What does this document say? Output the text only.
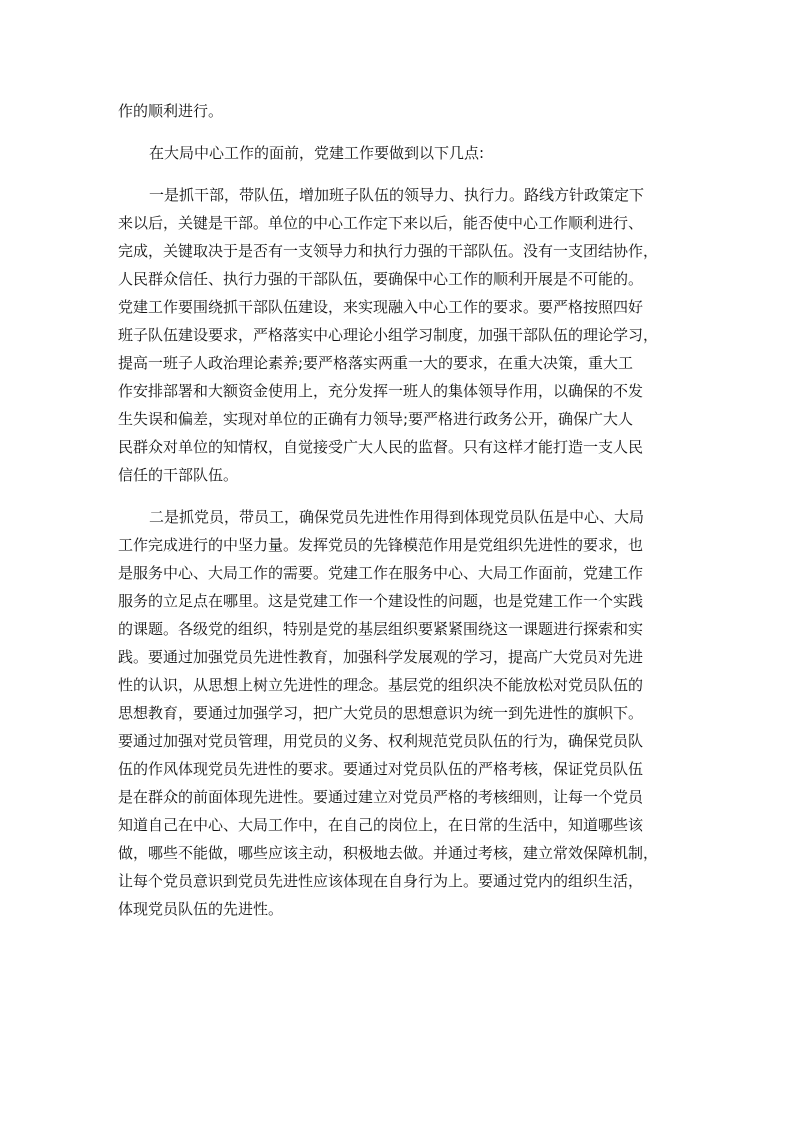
作的顺利进行。
在大局中心工作的面前，党建工作要做到以下几点:
一是抓干部，带队伍，增加班子队伍的领导力、执行力。路线方针政策定下
来以后，关键是干部。单位的中心工作定下来以后，能否使中心工作顺利进行、
完成，关键取决于是否有一支领导力和执行力强的干部队伍。没有一支团结协作，
人民群众信任、执行力强的干部队伍，要确保中心工作的顺利开展是不可能的。
党建工作要围绕抓干部队伍建设，来实现融入中心工作的要求。要严格按照四好
班子队伍建设要求，严格落实中心理论小组学习制度，加强干部队伍的理论学习，
提高一班子人政治理论素养;要严格落实两重一大的要求，在重大决策，重大工
作安排部署和大额资金使用上，充分发挥一班人的集体领导作用，以确保的不发
生失误和偏差，实现对单位的正确有力领导;要严格进行政务公开，确保广大人
民群众对单位的知情权，自觉接受广大人民的监督。只有这样才能打造一支人民
信任的干部队伍。
二是抓党员，带员工，确保党员先进性作用得到体现党员队伍是中心、大局
工作完成进行的中坚力量。发挥党员的先锋模范作用是党组织先进性的要求，也
是服务中心、大局工作的需要。党建工作在服务中心、大局工作面前，党建工作
服务的立足点在哪里。这是党建工作一个建设性的问题，也是党建工作一个实践
的课题。各级党的组织，特别是党的基层组织要紧紧围绕这一课题进行探索和实
践。要通过加强党员先进性教育，加强科学发展观的学习，提高广大党员对先进
性的认识，从思想上树立先进性的理念。基层党的组织决不能放松对党员队伍的
思想教育，要通过加强学习，把广大党员的思想意识为统一到先进性的旗帜下。
要通过加强对党员管理，用党员的义务、权利规范党员队伍的行为，确保党员队
伍的作风体现党员先进性的要求。要通过对党员队伍的严格考核，保证党员队伍
是在群众的前面体现先进性。要通过建立对党员严格的考核细则，让每一个党员
知道自己在中心、大局工作中，在自己的岗位上，在日常的生活中，知道哪些该
做，哪些不能做，哪些应该主动，积极地去做。并通过考核，建立常效保障机制，
让每个党员意识到党员先进性应该体现在自身行为上。要通过党内的组织生活，
体现党员队伍的先进性。
